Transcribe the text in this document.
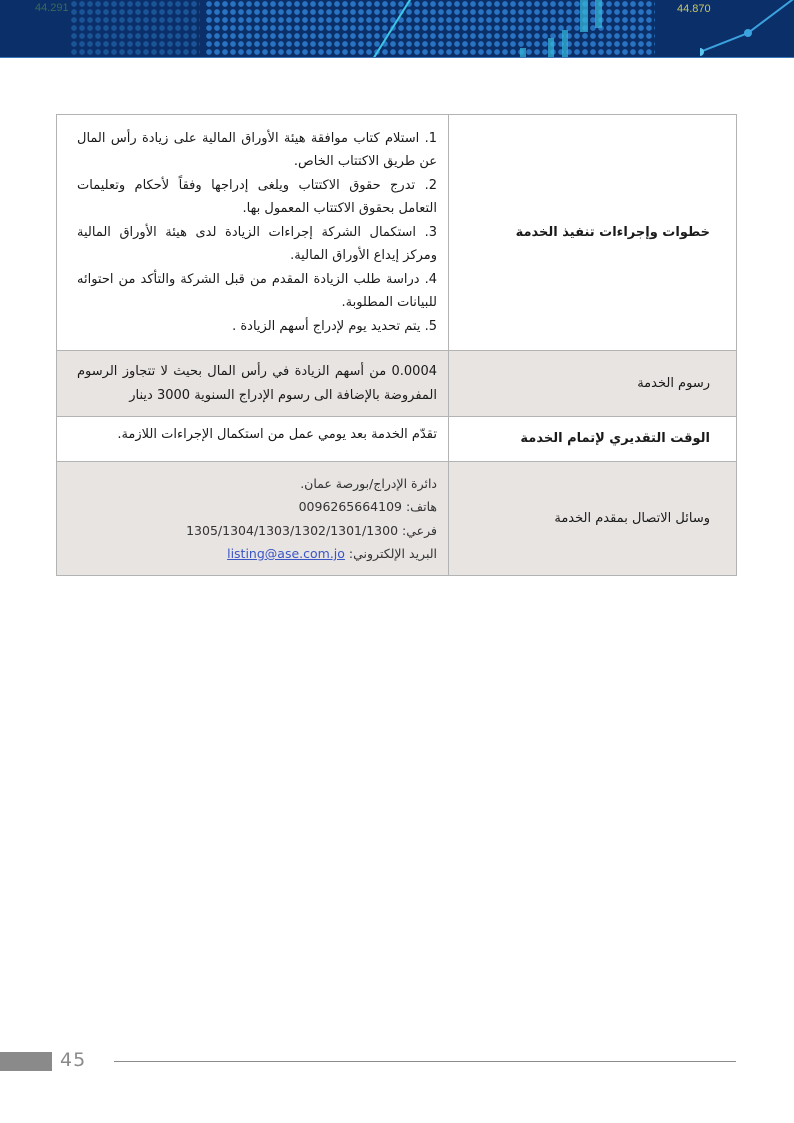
44.291	44.870
خطوات وإجراءات تنفيذ الخدمة	1. استلام كتاب موافقة هيئة الأوراق المالية على زيادة رأس المال عن طريق الاكتتاب الخاص.
2. تدرج حقوق الاكتتاب ويلغى إدراجها وفقاً لأحكام وتعليمات التعامل بحقوق الاكتتاب المعمول بها.
3. استكمال الشركة إجراءات الزيادة لدى هيئة الأوراق المالية ومركز إيداع الأوراق المالية.
4. دراسة طلب الزيادة المقدم من قبل الشركة والتأكد من احتوائه للبيانات المطلوبة.
5. يتم تحديد يوم لإدراج أسهم الزيادة .

رسوم الخدمة	0.0004 من أسهم الزيادة في رأس المال بحيث لا تتجاوز الرسوم المفروضة بالإضافة الى رسوم الإدراج السنوية 3000 دينار
الوقت التقديري لإتمام الخدمة	تقدّم الخدمة بعد يومي عمل من استكمال الإجراءات اللازمة.
وسائل الاتصال بمقدم الخدمة	دائرة الإدراج/بورصة عمان.
هاتف: 0096265664109
فرعي: 1305/1304/1303/1302/1301/1300
البريد الإلكتروني: listing@ase.com.jo
45
